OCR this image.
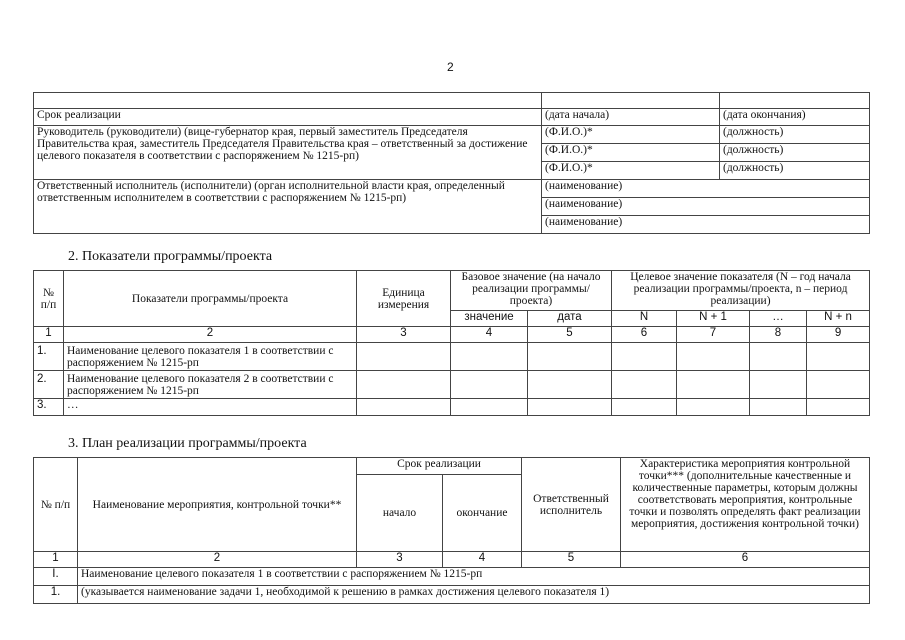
2

Срок реализации	(дата начала)	(дата окончания)
Руководитель (руководители) (вице-губернатор края, первый заместитель Председателя Правительства края, заместитель Председателя Правительства края – ответственный за достижение целевого показателя в соответствии с распоряжением № 1215-рп)	(Ф.И.О.)*	(должность)
	(Ф.И.О.)*	(должность)
	(Ф.И.О.)*	(должность)
Ответственный исполнитель (исполнители) (орган исполнительной власти края, определенный ответственным исполнителем в соответствии с распоряжением № 1215-рп)	(наименование)	
	(наименование)	
	(наименование)	
2. Показатели программы/проекта
№ п/п	Показатели программы/проекта	Единица измерения	Базовое значение (на начало реализации программы/проекта)		Целевое значение показателя (N – год начала реализации программы/проекта, n – период реализации)			
			значение	дата	N	N + 1	…	N + n
1	2	3	4	5	6	7	8	9
1.	Наименование целевого показателя 1 в соответствии с распоряжением № 1215-рп							
2.	Наименование целевого показателя 2 в соответствии с распоряжением № 1215-рп							
3.	…							
3. План реализации программы/проекта
№ п/п	Наименование мероприятия, контрольной точки**	Срок реализации		Ответственный исполнитель	Характеристика мероприятия контрольной точки*** (дополнительные качественные и количественные параметры, которым должны соответствовать мероприятия, контрольные точки и позволять определять факт реализации мероприятия, достижения контрольной точки)
		начало	окончание		
1	2	3	4	5	6
I.	Наименование целевого показателя 1 в соответствии с распоряжением № 1215-рп				
1.	(указывается наименование задачи 1, необходимой к решению в рамках достижения целевого показателя 1)				
